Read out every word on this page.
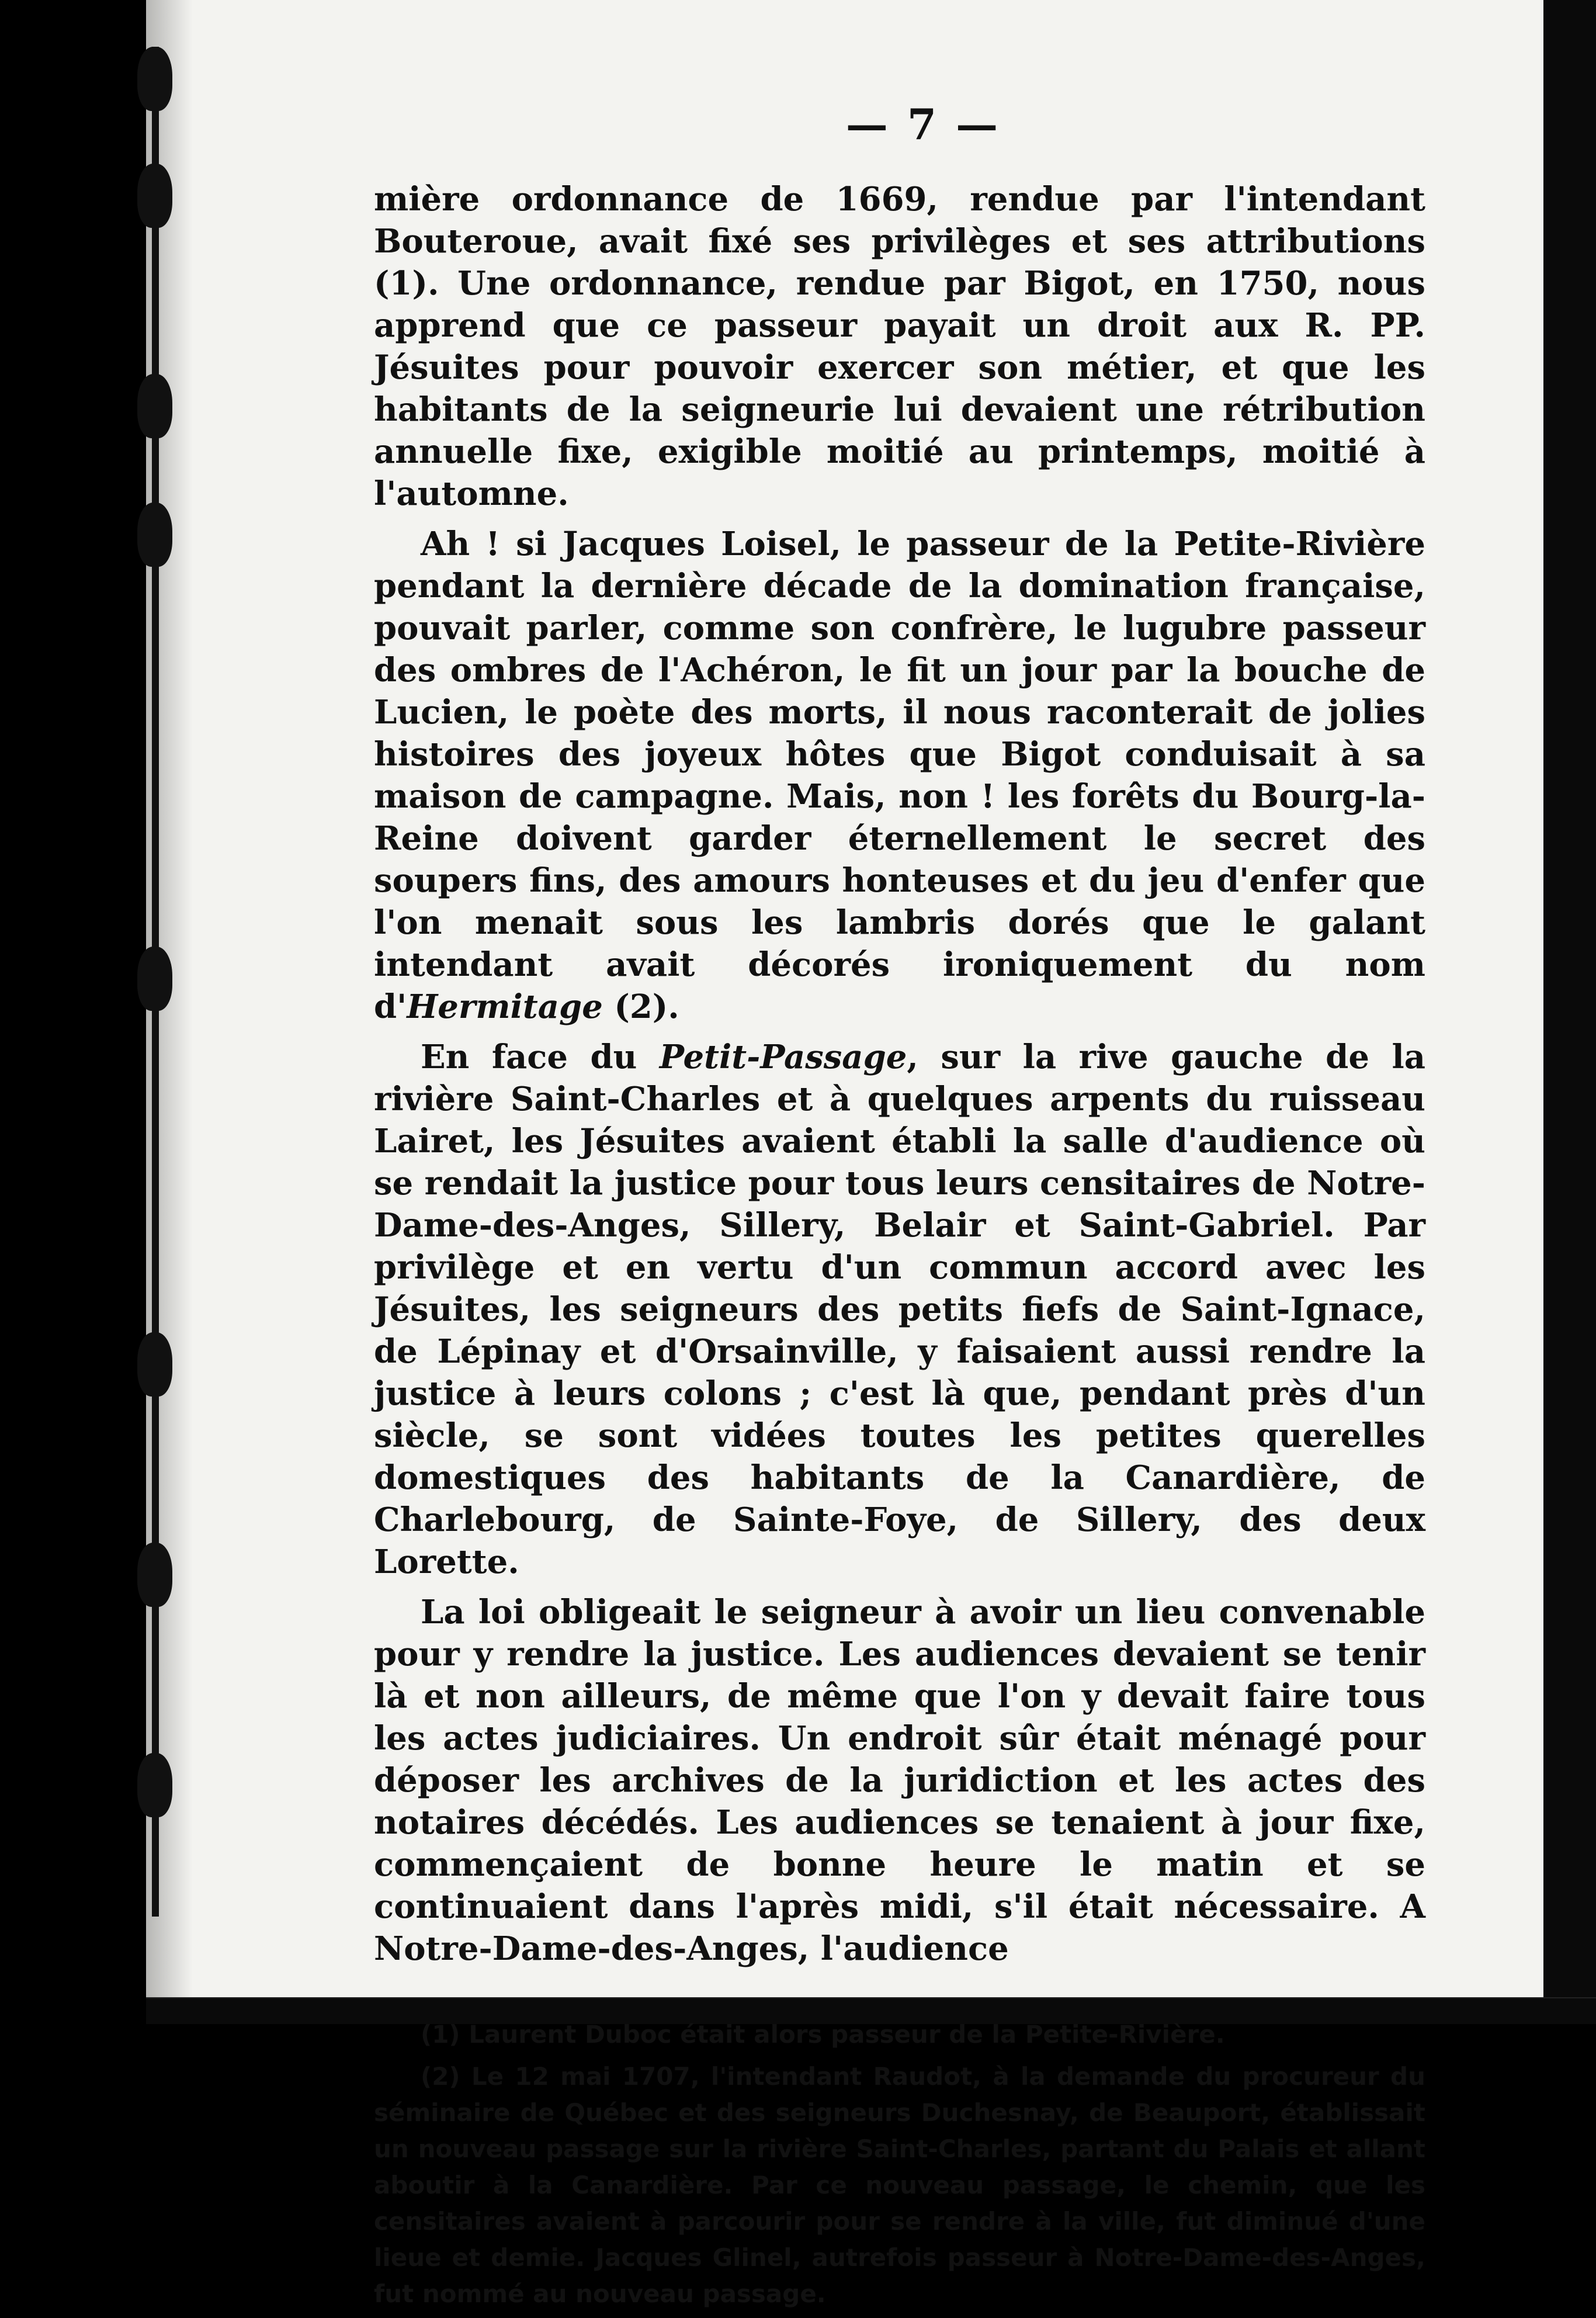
— 7 —

mière ordonnance de 1669, rendue par l'intendant Bouteroue, avait fixé ses privilèges et ses attributions (1). Une ordonnance, rendue par Bigot, en 1750, nous apprend que ce passeur payait un droit aux R. PP. Jésuites pour pouvoir exercer son métier, et que les habitants de la seigneurie lui devaient une rétribution annuelle fixe, exigible moitié au printemps, moitié à l'automne.

Ah ! si Jacques Loisel, le passeur de la Petite-Rivière pendant la dernière décade de la domination française, pouvait parler, comme son confrère, le lugubre passeur des ombres de l'Achéron, le fit un jour par la bouche de Lucien, le poète des morts, il nous raconterait de jolies histoires des joyeux hôtes que Bigot conduisait à sa maison de campagne. Mais, non ! les forêts du Bourg-la-Reine doivent garder éternellement le secret des soupers fins, des amours honteuses et du jeu d'enfer que l'on menait sous les lambris dorés que le galant intendant avait décorés ironiquement du nom d'Hermitage (2).

En face du Petit-Passage, sur la rive gauche de la rivière Saint-Charles et à quelques arpents du ruisseau Lairet, les Jésuites avaient établi la salle d'audience où se rendait la justice pour tous leurs censitaires de Notre-Dame-des-Anges, Sillery, Belair et Saint-Gabriel. Par privilège et en vertu d'un commun accord avec les Jésuites, les seigneurs des petits fiefs de Saint-Ignace, de Lépinay et d'Orsainville, y faisaient aussi rendre la justice à leurs colons ; c'est là que, pendant près d'un siècle, se sont vidées toutes les petites querelles domestiques des habitants de la Canardière, de Charlebourg, de Sainte-Foye, de Sillery, des deux Lorette.

La loi obligeait le seigneur à avoir un lieu convenable pour y rendre la justice. Les audiences devaient se tenir là et non ailleurs, de même que l'on y devait faire tous les actes judiciaires. Un endroit sûr était ménagé pour déposer les archives de la juridiction et les actes des notaires décédés. Les audiences se tenaient à jour fixe, commençaient de bonne heure le matin et se continuaient dans l'après midi, s'il était nécessaire. A Notre-Dame-des-Anges, l'audience

(1) Laurent Duboc était alors passeur de la Petite-Rivière.

(2) Le 12 mai 1707, l'intendant Raudot, à la demande du procureur du séminaire de Québec et des seigneurs Duchesnay, de Beauport, établissait un nouveau passage sur la rivière Saint-Charles, partant du Palais et allant aboutir à la Canardière. Par ce nouveau passage, le chemin, que les censitaires avaient à parcourir pour se rendre à la ville, fut diminué d'une lieue et demie. Jacques Glinel, autrefois passeur à Notre-Dame-des-Anges, fut nommé au nouveau passage.
